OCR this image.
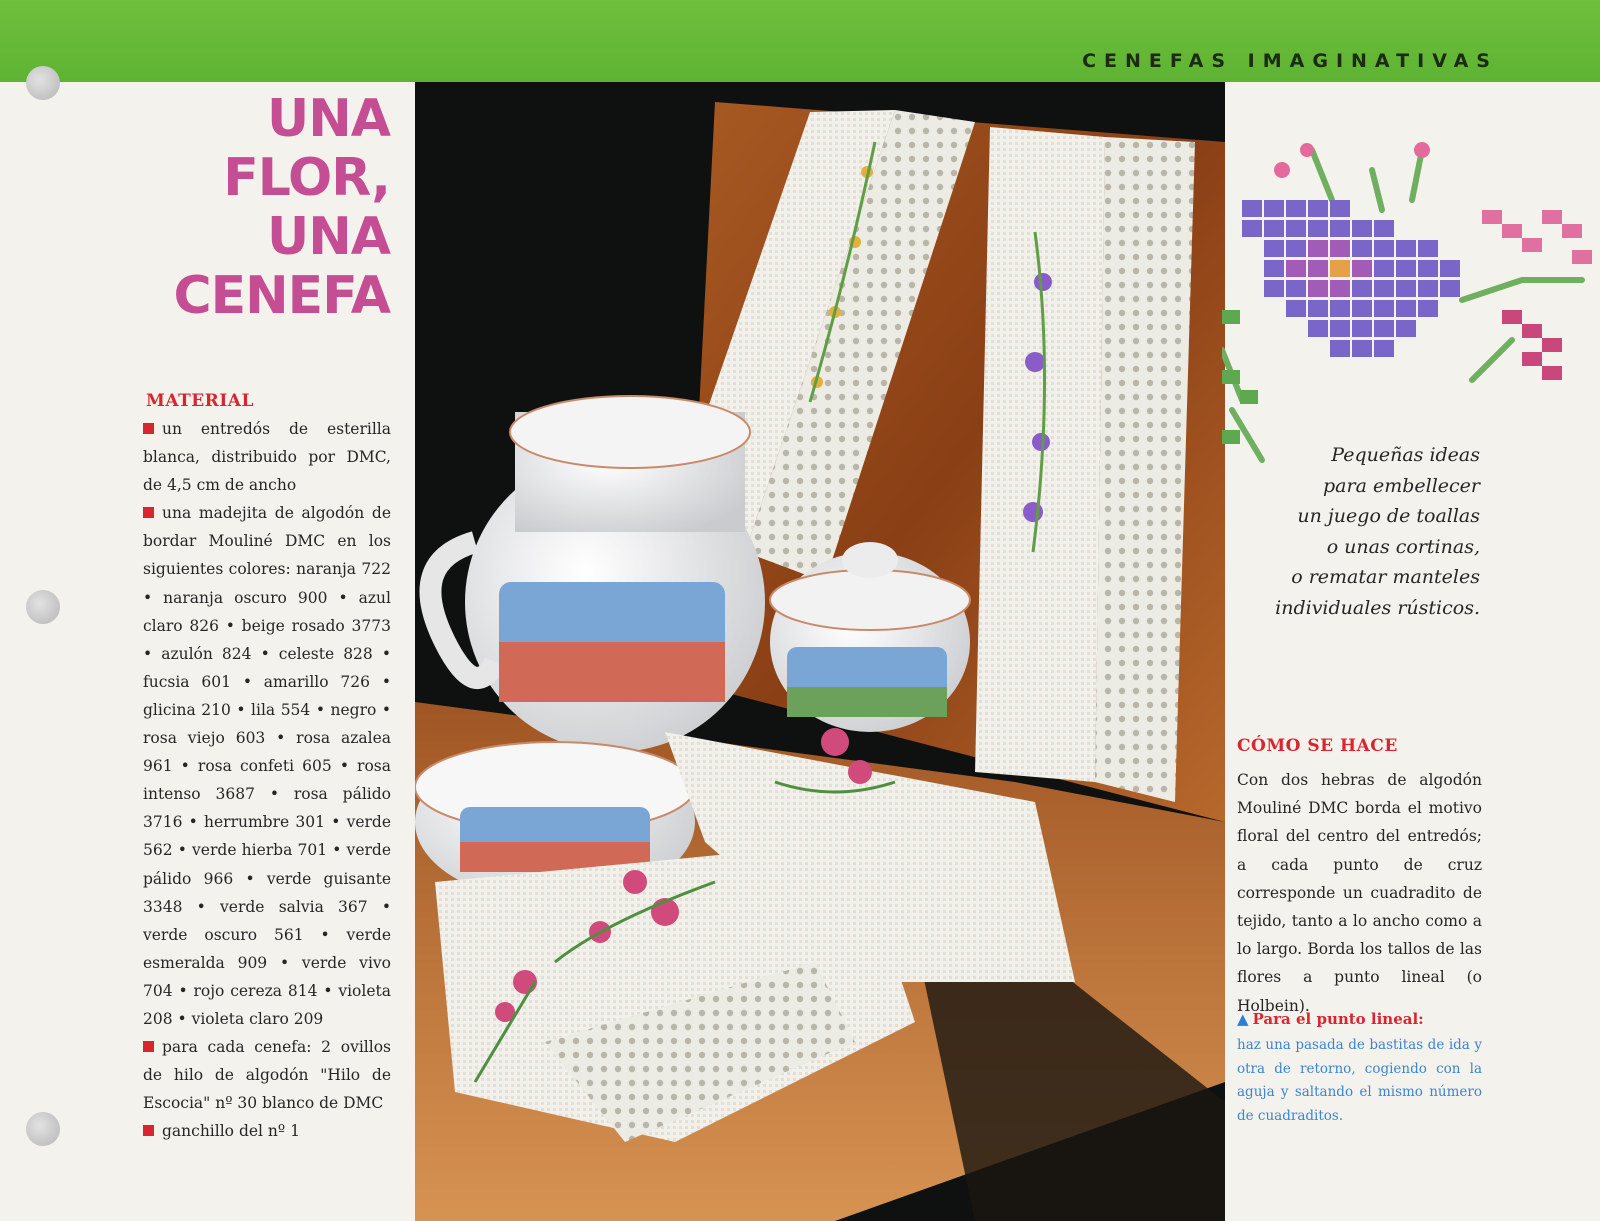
CENEFAS IMAGINATIVAS
UNA
FLOR,
UNA
CENEFA
MATERIAL

un entredós de esterilla blanca, distribuido por DMC, de 4,5 cm de ancho

una madejita de algodón de bordar Mouliné DMC en los siguientes colores: naranja 722 • naranja oscuro 900 • azul claro 826 • beige rosado 3773 • azulón 824 • celeste 828 • fucsia 601 • amarillo 726 • glicina 210 • lila 554 • negro • rosa viejo 603 • rosa azalea 961 • rosa confeti 605 • rosa intenso 3687 • rosa pálido 3716 • herrumbre 301 • verde 562 • verde hierba 701 • verde pálido 966 • verde guisante 3348 • verde salvia 367 • verde oscuro 561 • verde esmeralda 909 • verde vivo 704 • rojo cereza 814 • violeta 208 • violeta claro 209

para cada cenefa: 2 ovillos de hilo de algodón "Hilo de Escocia" nº 30 blanco de DMC

ganchillo del nº 1

Pequeñas ideas
para embellecer
un juego de toallas
o unas cortinas,
o rematar manteles
individuales rústicos.
CÓMO SE HACE
Con dos hebras de algodón Mouliné DMC borda el motivo floral del centro del entredós; a cada punto de cruz corresponde un cuadradito de tejido, tanto a lo ancho como a lo largo. Borda los tallos de las flores a punto lineal (o Holbein).
▲ Para el punto lineal:
haz una pasada de bastitas de ida y otra de retorno, cogiendo con la aguja y saltando el mismo número de cuadraditos.
